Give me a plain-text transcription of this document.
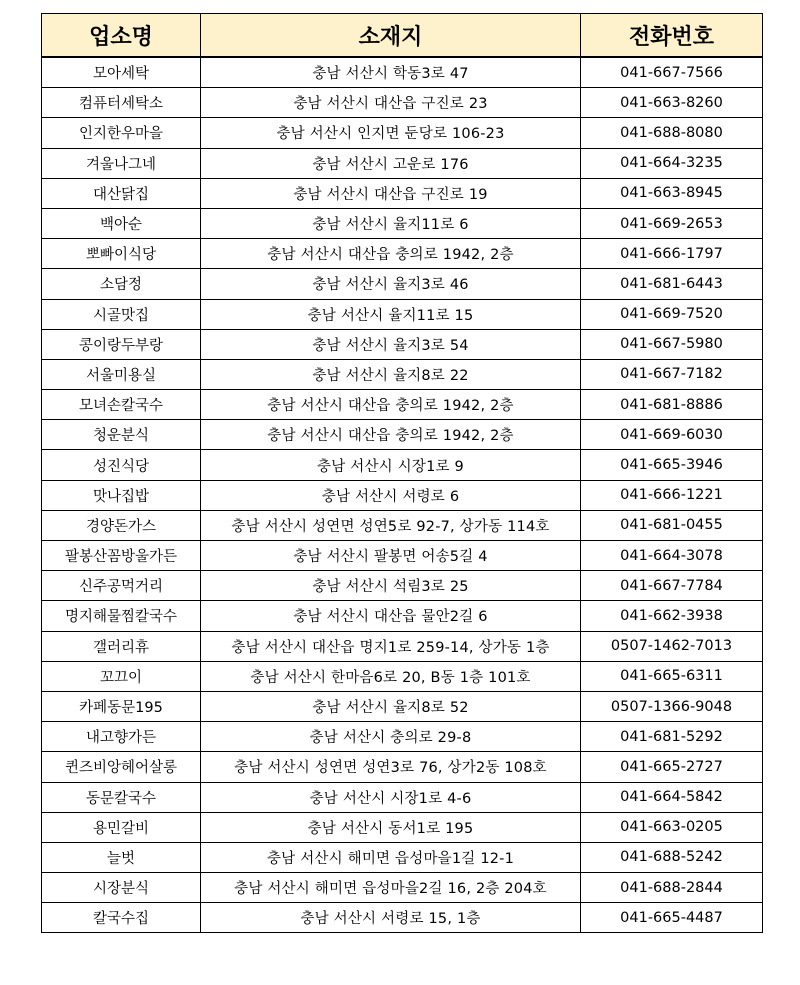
업소명	소재지	전화번호
모아세탁	충남 서산시 학동3로 47	041-667-7566
컴퓨터세탁소	충남 서산시 대산읍 구진로 23	041-663-8260
인지한우마을	충남 서산시 인지면 둔당로 106-23	041-688-8080
겨울나그네	충남 서산시 고운로 176	041-664-3235
대산닭집	충남 서산시 대산읍 구진로 19	041-663-8945
백아순	충남 서산시 율지11로 6	041-669-2653
뽀빠이식당	충남 서산시 대산읍 충의로 1942, 2층	041-666-1797
소담정	충남 서산시 율지3로 46	041-681-6443
시골맛집	충남 서산시 율지11로 15	041-669-7520
콩이랑두부랑	충남 서산시 율지3로 54	041-667-5980
서울미용실	충남 서산시 율지8로 22	041-667-7182
모녀손칼국수	충남 서산시 대산읍 충의로 1942, 2층	041-681-8886
청운분식	충남 서산시 대산읍 충의로 1942, 2층	041-669-6030
성진식당	충남 서산시 시장1로 9	041-665-3946
맛나집밥	충남 서산시 서령로 6	041-666-1221
경양돈가스	충남 서산시 성연면 성연5로 92-7, 상가동 114호	041-681-0455
팔봉산꼼방울가든	충남 서산시 팔봉면 어송5길 4	041-664-3078
신주공먹거리	충남 서산시 석림3로 25	041-667-7784
명지해물찜칼국수	충남 서산시 대산읍 물안2길 6	041-662-3938
갤러리휴	충남 서산시 대산읍 명지1로 259-14, 상가동 1층	0507-1462-7013
꼬끄이	충남 서산시 한마음6로 20, B동 1층 101호	041-665-6311
카페동문195	충남 서산시 율지8로 52	0507-1366-9048
내고향가든	충남 서산시 충의로 29-8	041-681-5292
퀸즈비앙헤어살롱	충남 서산시 성연면 성연3로 76, 상가2동 108호	041-665-2727
동문칼국수	충남 서산시 시장1로 4-6	041-664-5842
용민갈비	충남 서산시 동서1로 195	041-663-0205
늘벗	충남 서산시 해미면 읍성마을1길 12-1	041-688-5242
시장분식	충남 서산시 해미면 읍성마을2길 16, 2층 204호	041-688-2844
칼국수집	충남 서산시 서령로 15, 1층	041-665-4487
